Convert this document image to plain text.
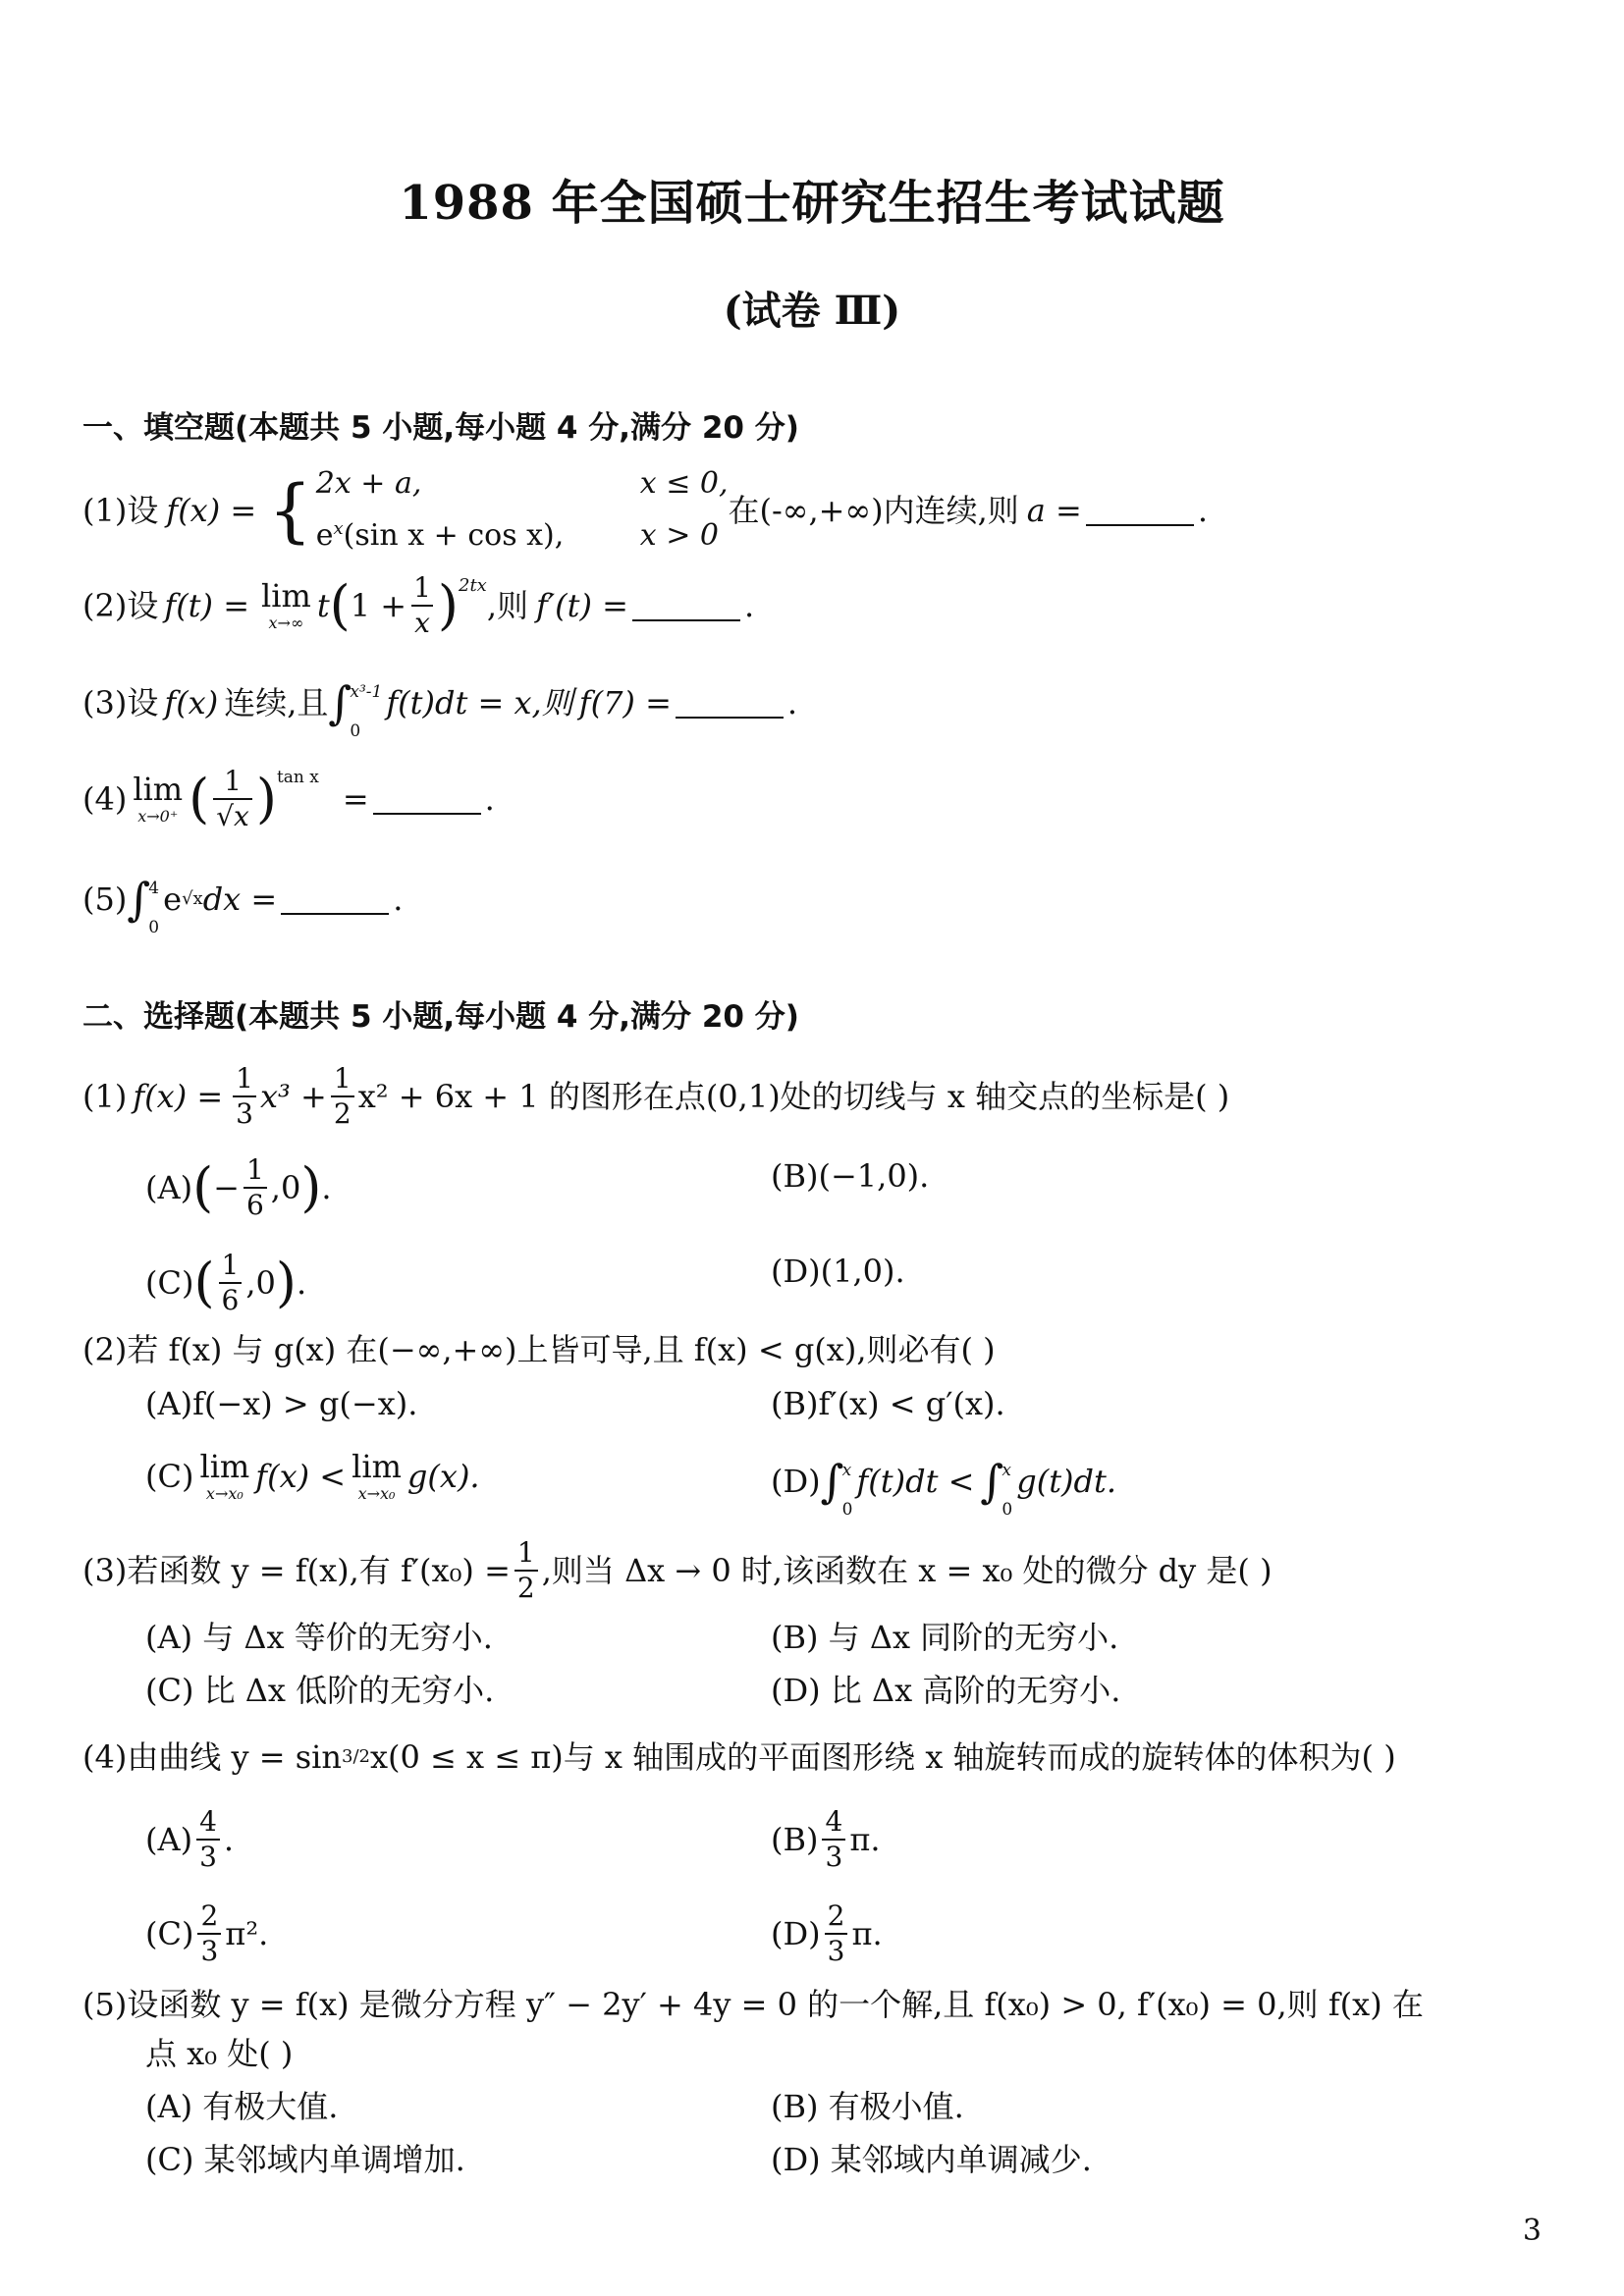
1988 年全国硕士研究生招生考试试题
(试卷 Ⅲ)
一、填空题(本题共 5 小题,每小题 4 分,满分 20 分)
(1) 设 f(x) = { 2x + a,	x ≤ 0,
$e^x(\sin$ x + cos x),	x > 0
在(-∞,+∞)内连续,则 a =	.
(2) 设 f(t) = lim
x→∞ t ( $1 + \frac{1}{x}$ ) 2tx
,则 f′(t) =	.
(3) 设 f(x) 连续,且 ∫
x³-1
0
f(t)dt = x,则 f(7) =	.
(4) lim
x→0⁺ ( $\frac{1}{√x}$ ) tan x
=	.
(5) ∫
4
0
e √x dx =	.
二、选择题(本题共 5 小题,每小题 4 分,满分 20 分)
(1) $f(x) = \frac{1}{3} x^3 + \frac{1}{2} x^2 + 6x + 1$ 的图形在点(0,1)处的切线与 x 轴交点的坐标是( )
(A) ( − $\frac{1}{6} ,0$ ) .	(B)(−1,0).
(C) ( $\frac{1}{6} ,0$ ) .	(D)(1,0).
(2) 若 f(x) 与 g(x) 在(−∞,+∞)上皆可导,且 f(x) < g(x),则必有( )
(A)f(−x) > g(−x).	(B)f′(x) < g′(x).
(C) lim
x→x₀ f(x) < lim
x→x₀ g(x).	(D) ∫
x
0
f(t)dt < ∫
x
0
g(t)dt.
(3) 若函数 y = f(x),有 $f'(x_0) = \frac{1}{2}$ ,则当 Δx → 0 时,该函数在 x = x₀ 处的微分 dy 是( )
(A) 与 Δx 等价的无穷小.	(B) 与 Δx 同阶的无穷小.
(C) 比 Δx 低阶的无穷小.	(D) 比 Δx 高阶的无穷小.
(4) 由曲线 y = sin 3/2 x(0 ≤ x ≤ π)与 x 轴围成的平面图形绕 x 轴旋转而成的旋转体的体积为( )
$(A) \frac{4}{3}$ .	$(B) \frac{4}{3} \pi$.
$(C) \frac{2}{3} \pi^2$.	$(D) \frac{2}{3} \pi$.
(5) 设函数 y = f(x) 是微分方程 y″ − 2y′ + 4y = 0 的一个解,且 f(x₀) > 0, f′(x₀) = 0,则 f(x) 在
点 x₀ 处( )
(A) 有极大值.	(B) 有极小值.
(C) 某邻域内单调增加.	(D) 某邻域内单调减少.
3
